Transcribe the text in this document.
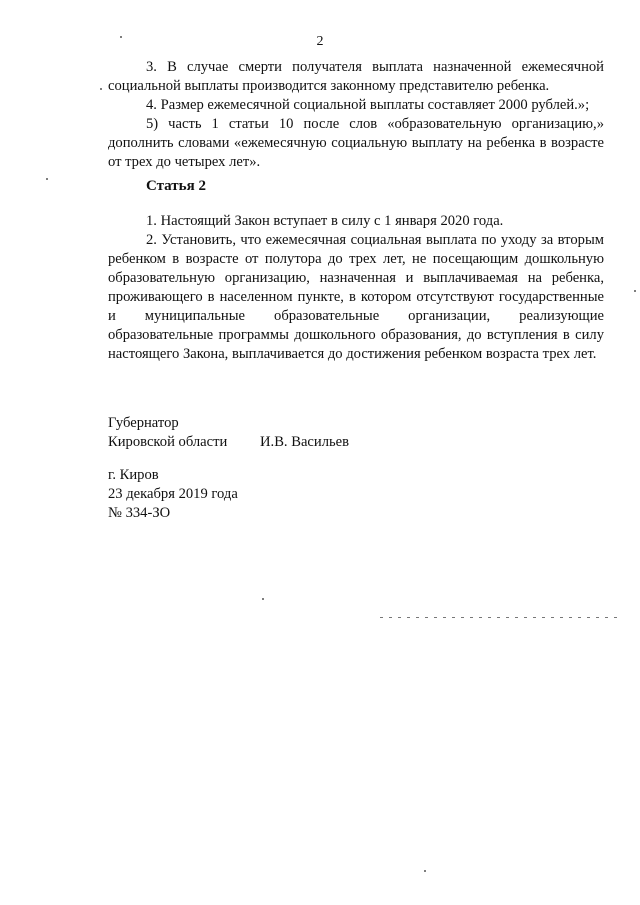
2

3. В случае смерти получателя выплата назначенной ежемесячной социальной выплаты производится законному представителю ребенка.

4. Размер ежемесячной социальной выплаты составляет 2000 рублей.»;

5) часть 1 статьи 10 после слов «образовательную организацию,» дополнить словами «ежемесячную социальную выплату на ребенка в возрасте от трех до четырех лет».

Статья 2

1. Настоящий Закон вступает в силу с 1 января 2020 года.

2. Установить, что ежемесячная социальная выплата по уходу за вторым ребенком в возрасте от полутора до трех лет, не посещающим дошкольную образовательную организацию, назначенная и выплачиваемая на ребенка, проживающего в населенном пункте, в котором отсутствуют государственные и муниципальные образовательные организации, реализующие образовательные программы дошкольного образования, до вступления в силу настоящего Закона, выплачивается до достижения ребенком возраста трех лет.

Губернатор
Кировской области	И.В. Васильев
г. Киров
23 декабря 2019 года
№ 334-ЗО
